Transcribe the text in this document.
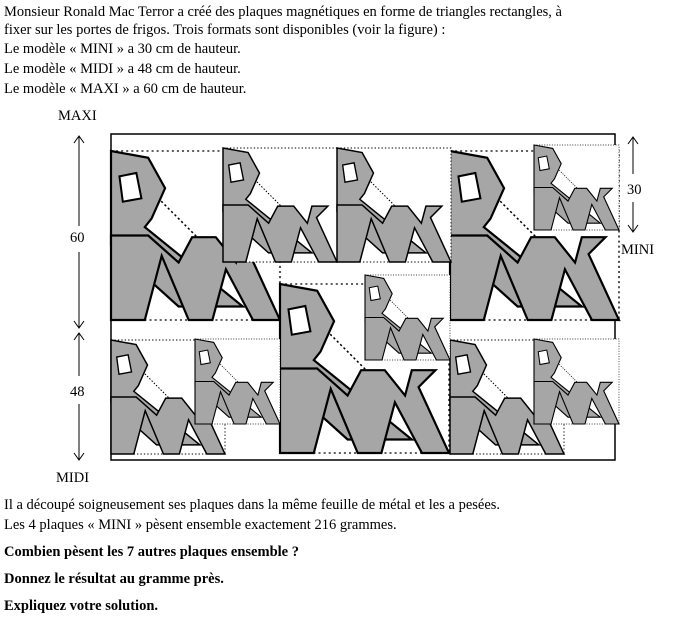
Monsieur Ronald Mac Terror a créé des plaques magnétiques en forme de triangles rectangles, à
fixer sur les portes de frigos. Trois formats sont disponibles (voir la figure) :
Le modèle « MINI » a 30 cm de hauteur.
Le modèle « MIDI » a 48 cm de hauteur.
Le modèle « MAXI » a 60 cm de hauteur.
MAXI
60
48
MIDI
30
MINI
Il a découpé soigneusement ses plaques dans la même feuille de métal et les a pesées.
Les 4 plaques « MINI » pèsent ensemble exactement 216 grammes.
Combien pèsent les 7 autres plaques ensemble ?
Donnez le résultat au gramme près.
Expliquez votre solution.
